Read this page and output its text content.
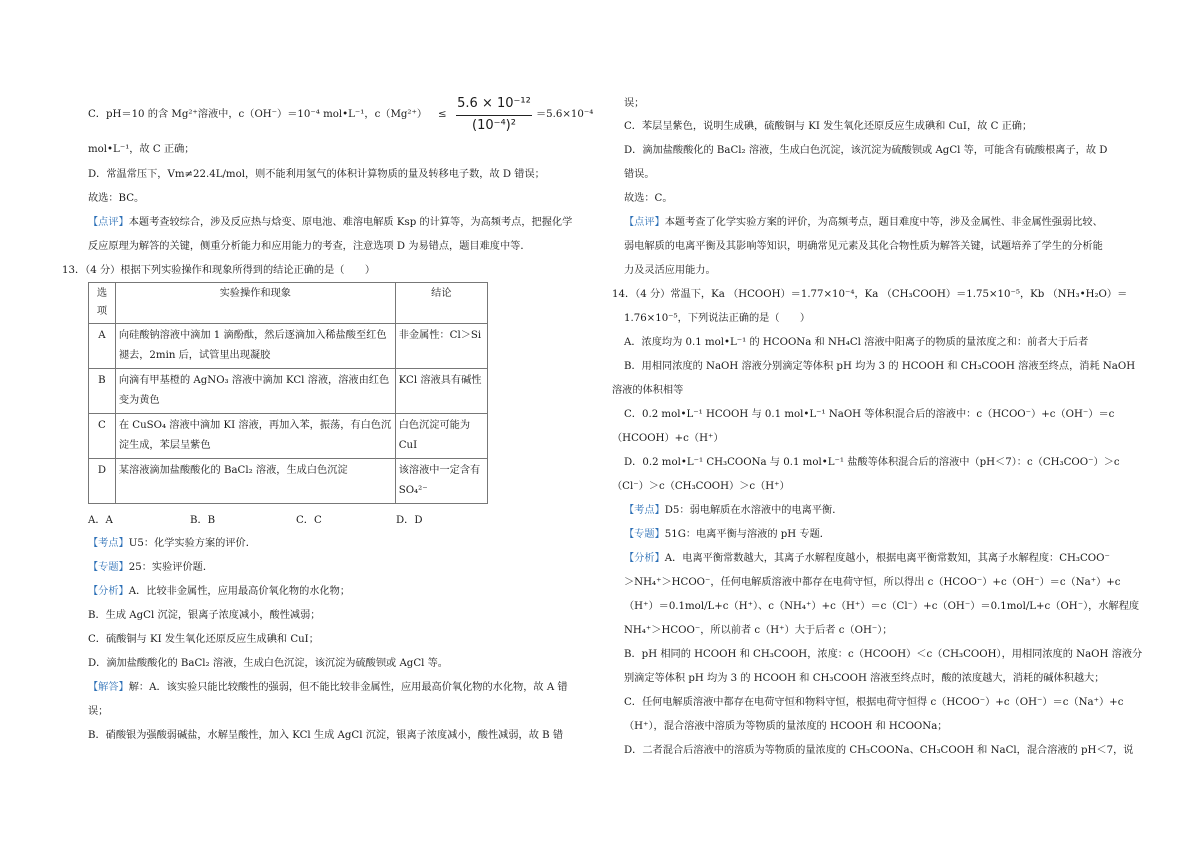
C．pH＝10 的含 Mg²⁺溶液中，c（OH⁻）＝10⁻⁴ mol•L⁻¹，c（Mg²⁺） ≤
5.6 × 10⁻¹²
(10⁻⁴)²
＝5.6×10⁻⁴
mol•L⁻¹，故 C 正确；
D．常温常压下，Vm≠22.4L/mol，则不能利用氢气的体积计算物质的量及转移电子数，故 D 错误；
故选：BC。
【点评】本题考查较综合，涉及反应热与焓变、原电池、难溶电解质 Ksp 的计算等，为高频考点，把握化学
反应原理为解答的关键，侧重分析能力和应用能力的考查，注意选项 D 为易错点，题目难度中等．
13．（4 分）根据下列实验操作和现象所得到的结论正确的是（　　）
选项	实验操作和现象	结论
A	向硅酸钠溶液中滴加 1 滴酚酞，然后逐滴加入稀盐酸至红色褪去，2min 后，试管里出现凝胶	非金属性：Cl＞Si
B	向滴有甲基橙的 AgNO₃ 溶液中滴加 KCl 溶液，溶液由红色变为黄色	KCl 溶液具有碱性
C	在 CuSO₄ 溶液中滴加 KI 溶液，再加入苯，振荡，有白色沉淀生成，苯层呈紫色	白色沉淀可能为 CuI
D	某溶液滴加盐酸酸化的 BaCl₂ 溶液，生成白色沉淀	该溶液中一定含有 SO₄²⁻
A．A	B．B	C．C	D．D
【考点】U5：化学实验方案的评价．
【专题】25：实验评价题．
【分析】A．比较非金属性，应用最高价氧化物的水化物；
B．生成 AgCl 沉淀，银离子浓度减小，酸性减弱；
C．硫酸铜与 KI 发生氧化还原反应生成碘和 CuI；
D．滴加盐酸酸化的 BaCl₂ 溶液，生成白色沉淀，该沉淀为硫酸钡或 AgCl 等。
【解答】解：A．该实验只能比较酸性的强弱，但不能比较非金属性，应用最高价氧化物的水化物，故 A 错
误；
B．硝酸银为强酸弱碱盐，水解呈酸性，加入 KCl 生成 AgCl 沉淀，银离子浓度减小，酸性减弱，故 B 错
误；
C．苯层呈紫色，说明生成碘，硫酸铜与 KI 发生氧化还原反应生成碘和 CuI，故 C 正确；
D．滴加盐酸酸化的 BaCl₂ 溶液，生成白色沉淀，该沉淀为硫酸钡或 AgCl 等，可能含有硫酸根离子，故 D
错误。
故选：C。
【点评】本题考查了化学实验方案的评价，为高频考点，题目难度中等，涉及金属性、非金属性强弱比较、
弱电解质的电离平衡及其影响等知识，明确常见元素及其化合物性质为解答关键，试题培养了学生的分析能
力及灵活应用能力。
14．（4 分）常温下，Ka （HCOOH）＝1.77×10⁻⁴，Ka （CH₃COOH）＝1.75×10⁻⁵，Kb （NH₃•H₂O）＝
1.76×10⁻⁵，下列说法正确的是（　　）
A．浓度均为 0.1 mol•L⁻¹ 的 HCOONa 和 NH₄Cl 溶液中阳离子的物质的量浓度之和：前者大于后者
B．用相同浓度的 NaOH 溶液分别滴定等体积 pH 均为 3 的 HCOOH 和 CH₃COOH 溶液至终点，消耗 NaOH
溶液的体积相等
C．0.2 mol•L⁻¹ HCOOH 与 0.1 mol•L⁻¹ NaOH 等体积混合后的溶液中：c（HCOO⁻）+c（OH⁻）＝c
（HCOOH）+c（H⁺）
D．0.2 mol•L⁻¹ CH₃COONa 与 0.1 mol•L⁻¹ 盐酸等体积混合后的溶液中（pH＜7）：c（CH₃COO⁻）＞c
（Cl⁻）＞c（CH₃COOH）＞c（H⁺）
【考点】D5：弱电解质在水溶液中的电离平衡．
【专题】51G：电离平衡与溶液的 pH 专题．
【分析】A．电离平衡常数越大，其离子水解程度越小，根据电离平衡常数知，其离子水解程度：CH₃COO⁻
＞NH₄⁺＞HCOO⁻，任何电解质溶液中都存在电荷守恒，所以得出 c（HCOO⁻）+c（OH⁻）＝c（Na⁺）+c
（H⁺）＝0.1mol/L+c（H⁺）、c（NH₄⁺）+c（H⁺）＝c（Cl⁻）+c（OH⁻）＝0.1mol/L+c（OH⁻），水解程度
NH₄⁺＞HCOO⁻，所以前者 c（H⁺）大于后者 c（OH⁻）；
B．pH 相同的 HCOOH 和 CH₃COOH，浓度：c（HCOOH）＜c（CH₃COOH），用相同浓度的 NaOH 溶液分
别滴定等体积 pH 均为 3 的 HCOOH 和 CH₃COOH 溶液至终点时，酸的浓度越大，消耗的碱体积越大；
C．任何电解质溶液中都存在电荷守恒和物料守恒，根据电荷守恒得 c（HCOO⁻）+c（OH⁻）＝c（Na⁺）+c
（H⁺），混合溶液中溶质为等物质的量浓度的 HCOOH 和 HCOONa；
D．二者混合后溶液中的溶质为等物质的量浓度的 CH₃COONa、CH₃COOH 和 NaCl，混合溶液的 pH＜7，说
